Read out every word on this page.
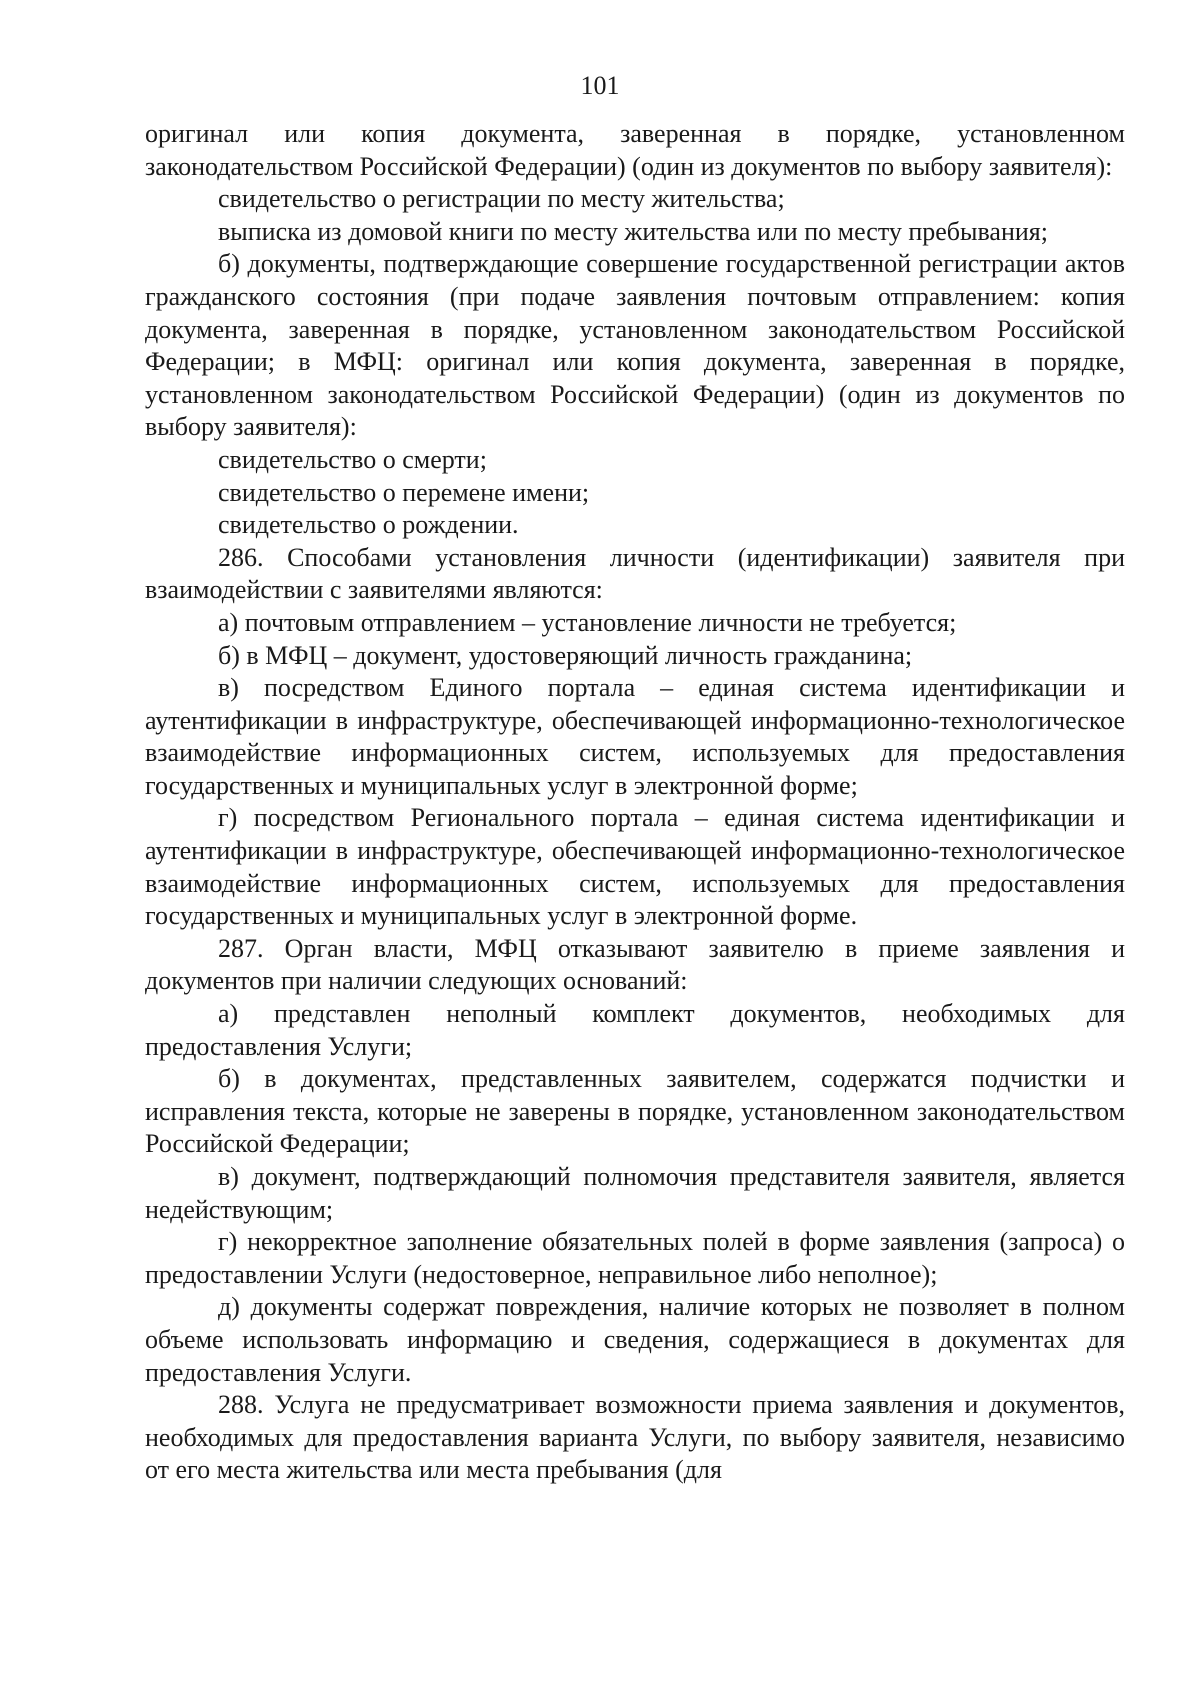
101

оригинал или копия документа, заверенная в порядке, установленном законодательством Российской Федерации) (один из документов по выбору заявителя):

свидетельство о регистрации по месту жительства;

выписка из домовой книги по месту жительства или по месту пребывания;

б) документы, подтверждающие совершение государственной регистрации актов гражданского состояния (при подаче заявления почтовым отправлением: копия документа, заверенная в порядке, установленном законодательством Российской Федерации; в МФЦ: оригинал или копия документа, заверенная в порядке, установленном законодательством Российской Федерации) (один из документов по выбору заявителя):

свидетельство о смерти;

свидетельство о перемене имени;

свидетельство о рождении.

286. Способами установления личности (идентификации) заявителя при взаимодействии с заявителями являются:

а) почтовым отправлением – установление личности не требуется;

б) в МФЦ – документ, удостоверяющий личность гражданина;

в) посредством Единого портала – единая система идентификации и аутентификации в инфраструктуре, обеспечивающей информационно-технологическое взаимодействие информационных систем, используемых для предоставления государственных и муниципальных услуг в электронной форме;

г) посредством Регионального портала – единая система идентификации и аутентификации в инфраструктуре, обеспечивающей информационно-технологическое взаимодействие информационных систем, используемых для предоставления государственных и муниципальных услуг в электронной форме.

287. Орган власти, МФЦ отказывают заявителю в приеме заявления и документов при наличии следующих оснований:

а) представлен неполный комплект документов, необходимых для предоставления Услуги;

б) в документах, представленных заявителем, содержатся подчистки и исправления текста, которые не заверены в порядке, установленном законодательством Российской Федерации;

в) документ, подтверждающий полномочия представителя заявителя, является недействующим;

г) некорректное заполнение обязательных полей в форме заявления (запроса) о предоставлении Услуги (недостоверное, неправильное либо неполное);

д) документы содержат повреждения, наличие которых не позволяет в полном объеме использовать информацию и сведения, содержащиеся в документах для предоставления Услуги.

288. Услуга не предусматривает возможности приема заявления и документов, необходимых для предоставления варианта Услуги, по выбору заявителя, независимо от его места жительства или места пребывания (для
